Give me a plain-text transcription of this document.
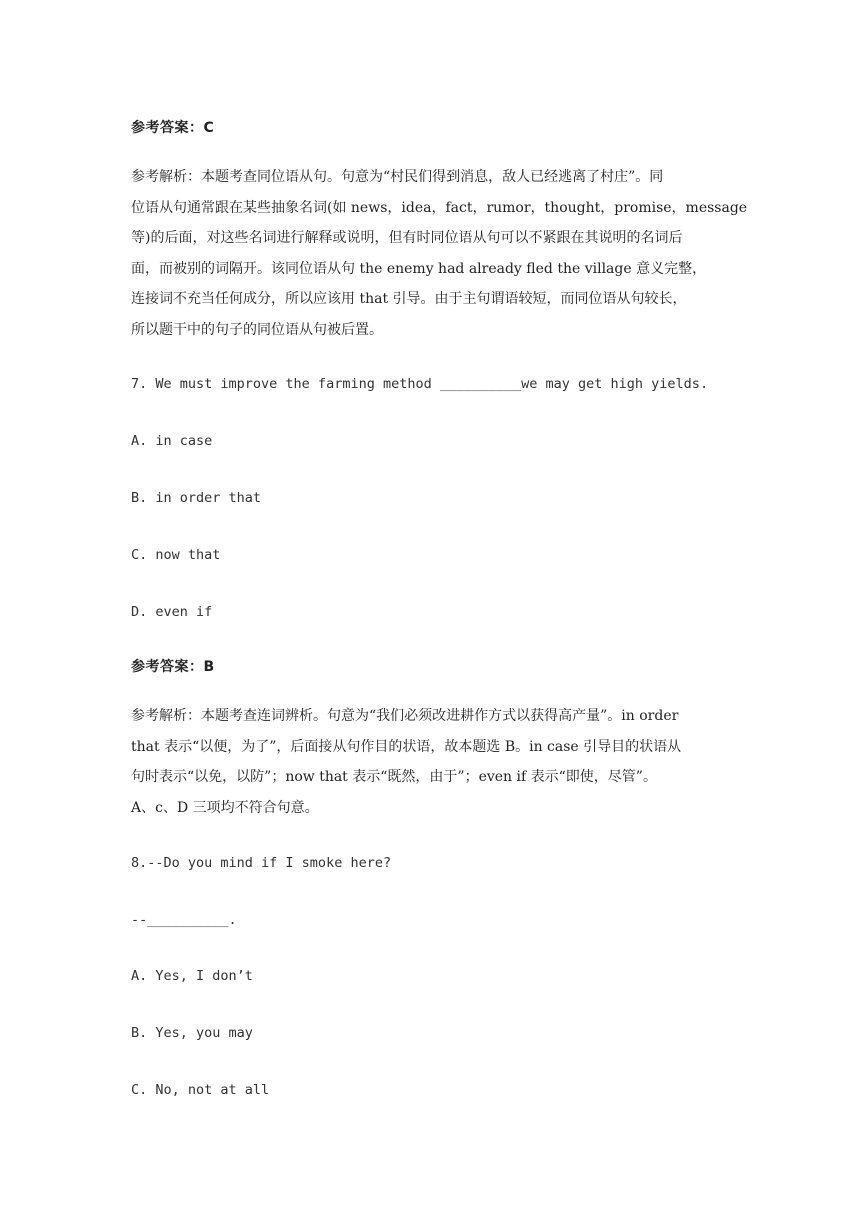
参考答案：C
参考解析：本题考查同位语从句。句意为“村民们得到消息，敌人已经逃离了村庄”。同
位语从句通常跟在某些抽象名词(如 news，idea，fact，rumor，thought，promise，message
等)的后面，对这些名词进行解释或说明，但有时同位语从句可以不紧跟在其说明的名词后
面，而被别的词隔开。该同位语从句 the enemy had already fled the village 意义完整，
连接词不充当任何成分，所以应该用 that 引导。由于主句谓语较短，而同位语从句较长，
所以题干中的句子的同位语从句被后置。
7. We must improve the farming method __________we may get high yields.
A. in case
B. in order that
C. now that
D. even if
参考答案：B
参考解析：本题考查连词辨析。句意为“我们必须改进耕作方式以获得高产量”。in order
that 表示“以便，为了”，后面接从句作目的状语，故本题选 B。in case 引导目的状语从
句时表示“以免，以防”；now that 表示“既然，由于”；even if 表示“即使，尽管”。
A、c、D 三项均不符合句意。
8.--Do you mind if I smoke here?
--__________.
A. Yes, I don’t
B. Yes, you may
C. No, not at all
